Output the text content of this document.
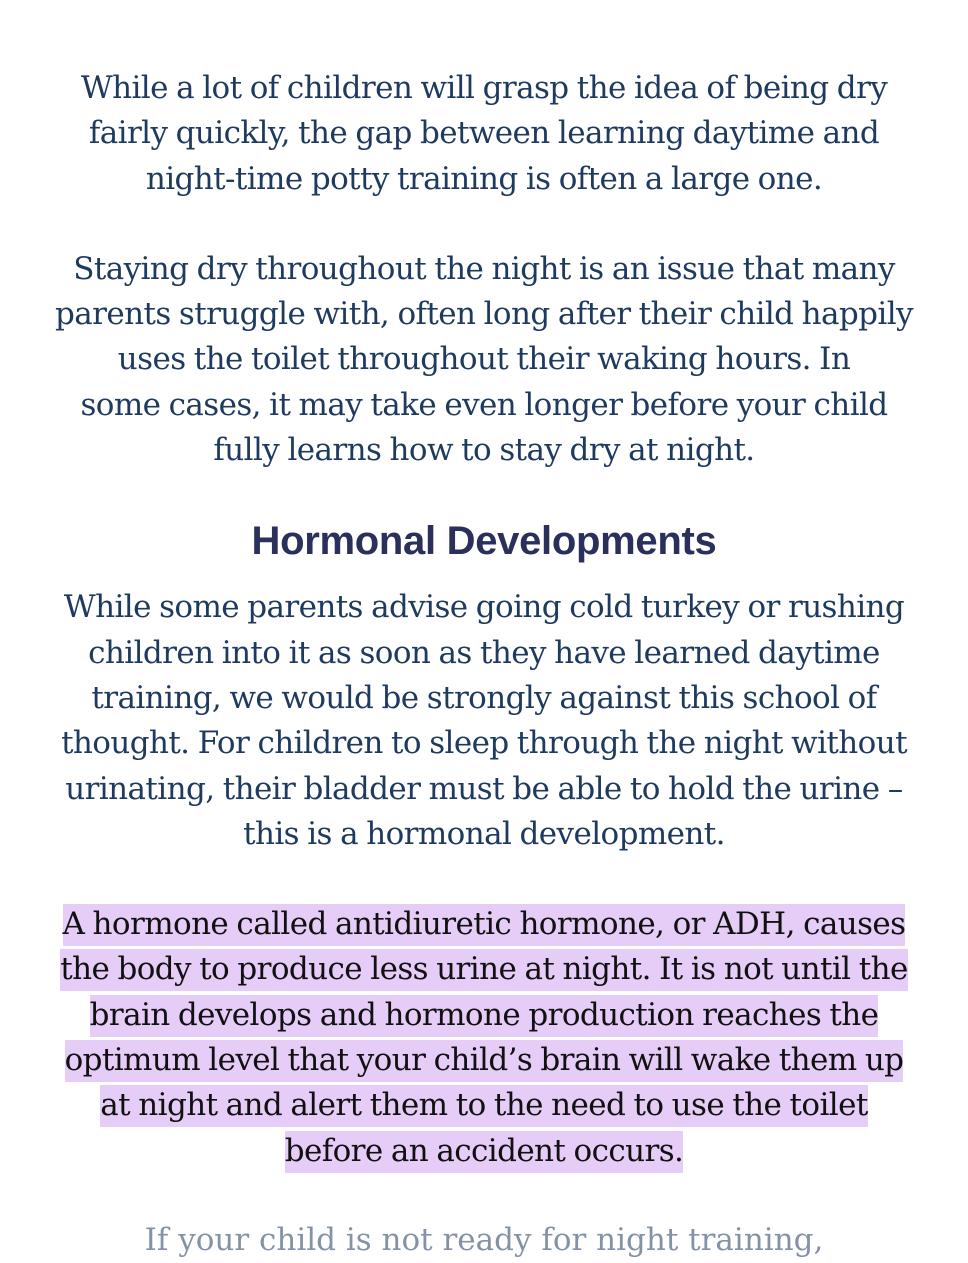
While a lot of children will grasp the idea of being dry
fairly quickly, the gap between learning daytime and
night-time potty training is often a large one.

Staying dry throughout the night is an issue that many
parents struggle with, often long after their child happily
uses the toilet throughout their waking hours. In
some cases, it may take even longer before your child
fully learns how to stay dry at night.

Hormonal Developments

While some parents advise going cold turkey or rushing
children into it as soon as they have learned daytime
training, we would be strongly against this school of
thought. For children to sleep through the night without
urinating, their bladder must be able to hold the urine –
this is a hormonal development.

A hormone called antidiuretic hormone, or ADH, causes
the body to produce less urine at night. It is not until the
brain develops and hormone production reaches the
optimum level that your child’s brain will wake them up
at night and alert them to the need to use the toilet
before an accident occurs.

If your child is not ready for night training,
